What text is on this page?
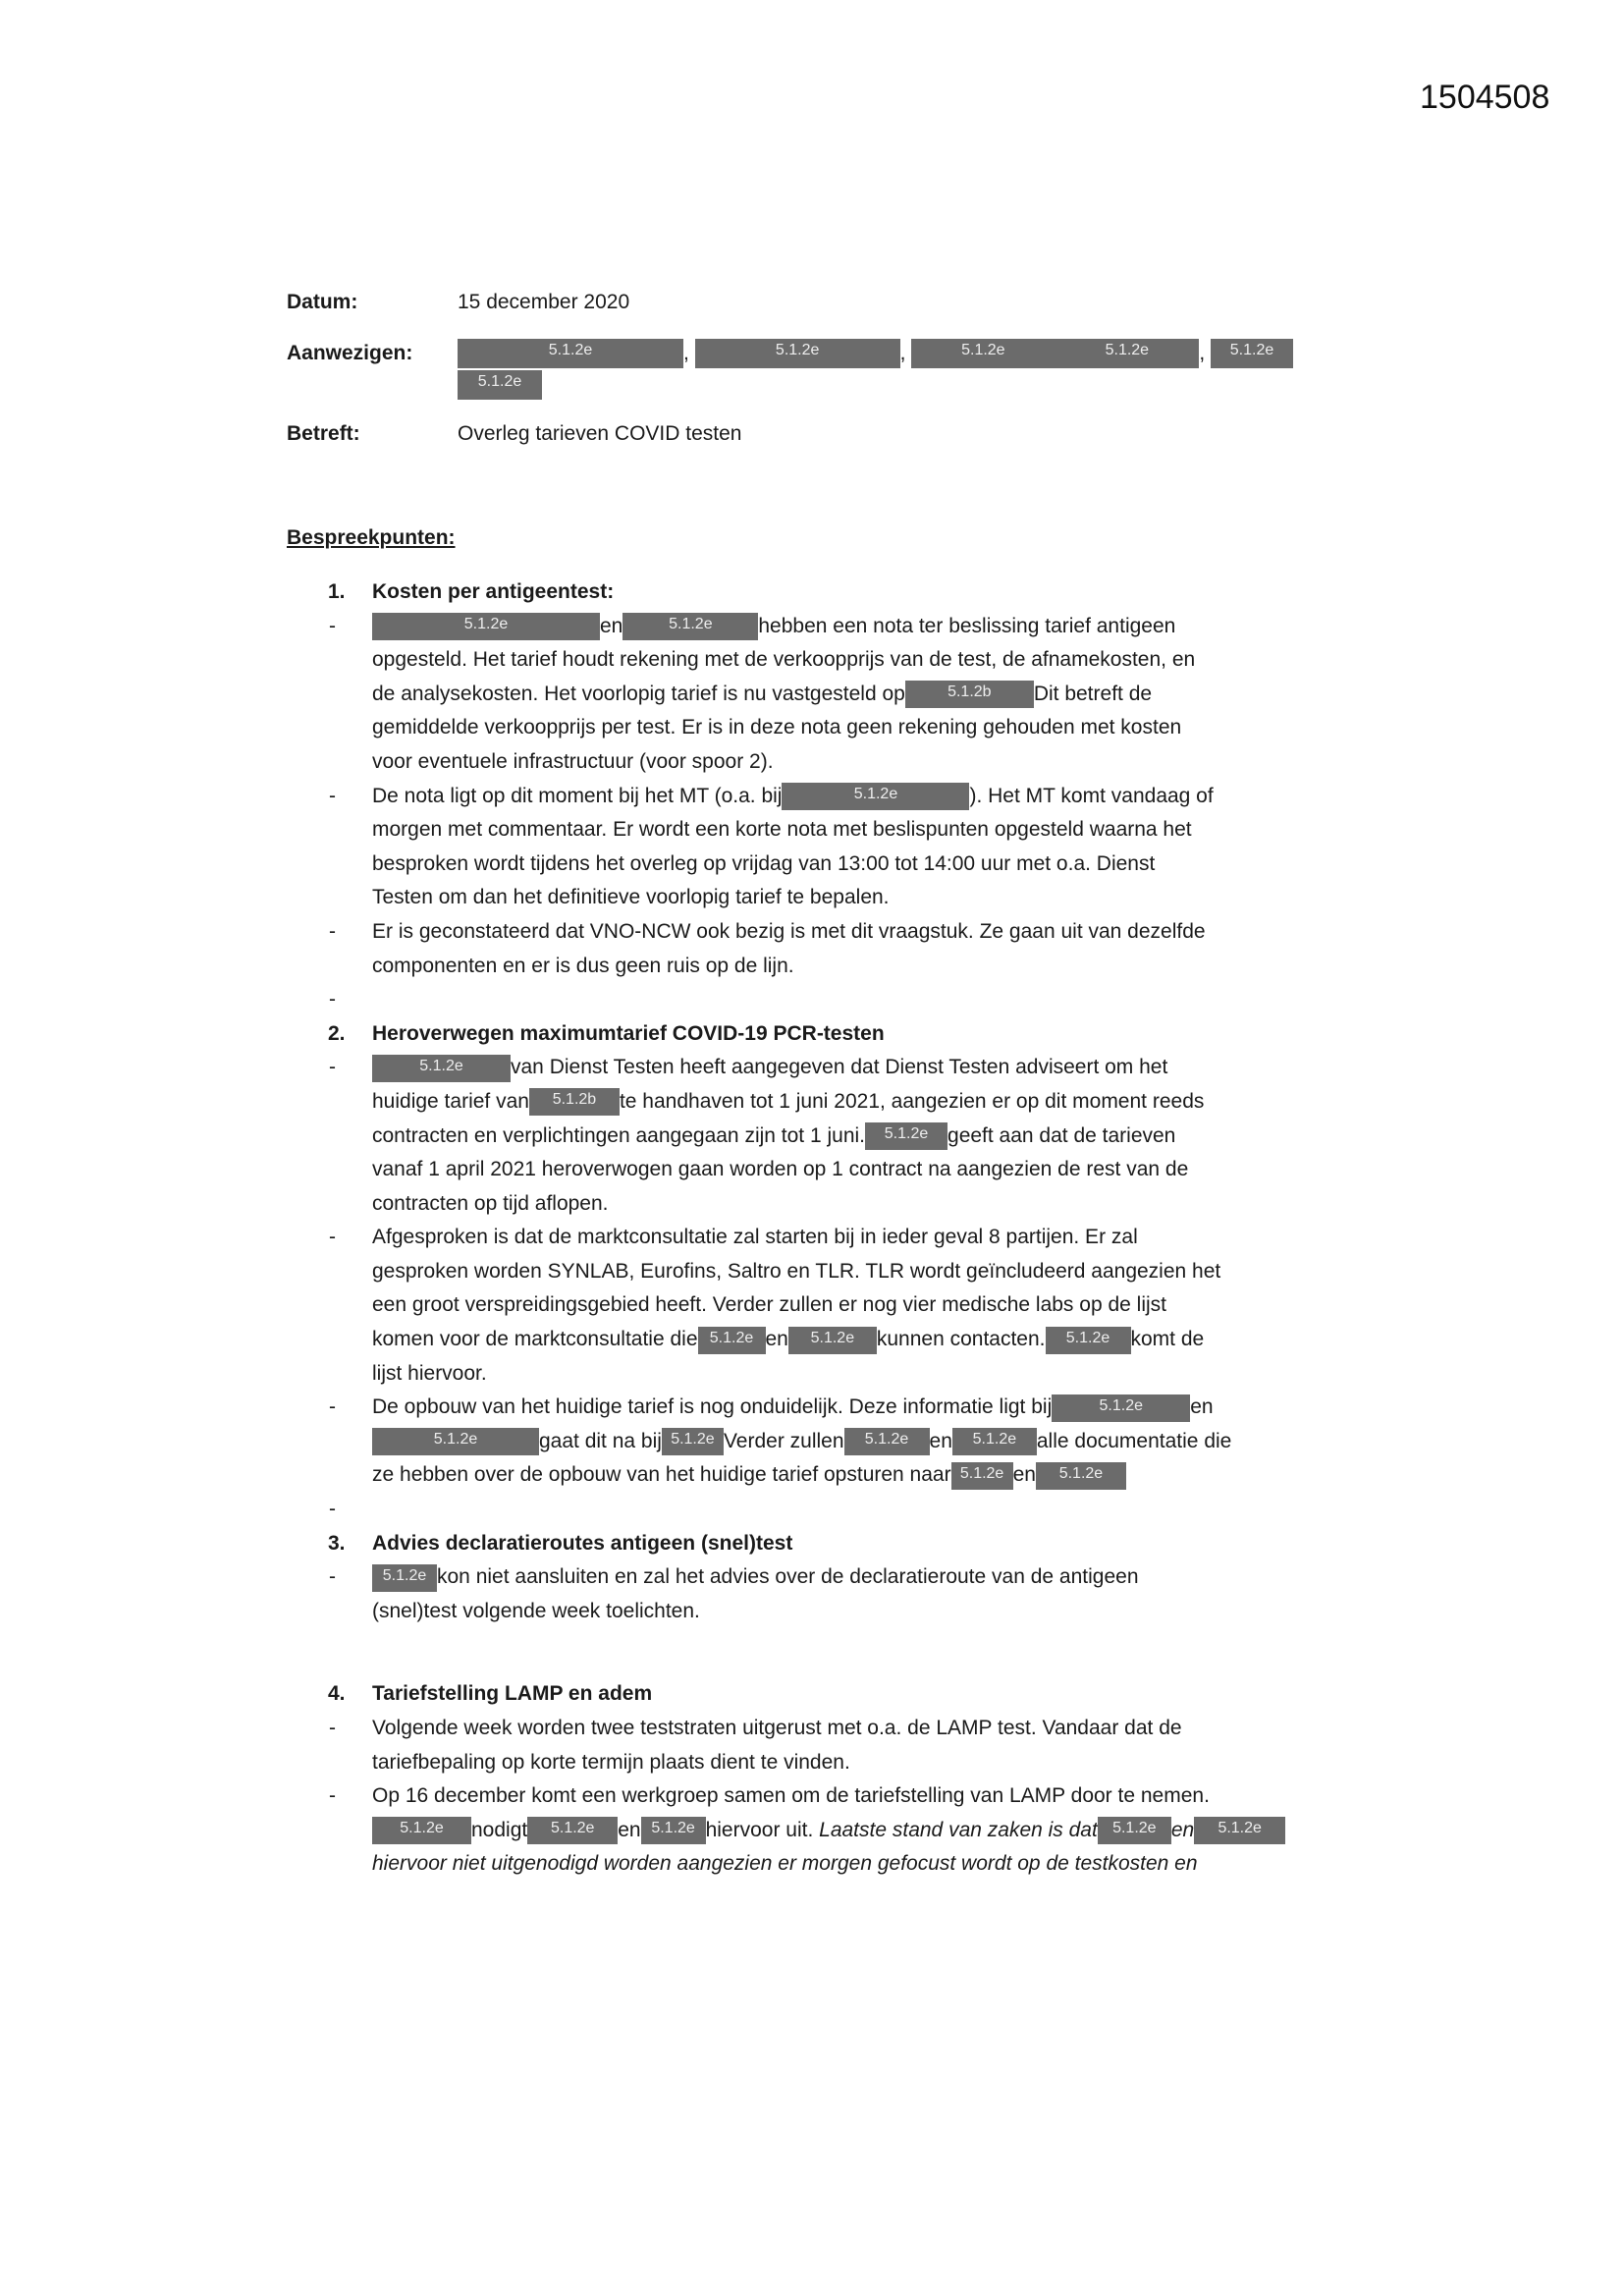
1504508
Datum:	15 december 2020
Aanwezigen:	5.1.2e	,	5.1.2e	,	5.1.2e	5.1.2e , 5.1.2e
5.1.2e
Betreft:	Overleg tarieven COVID testen
Bespreekpunten:
1. Kosten per antigeentest:
-	5.1.2e	en	5.1.2e hebben een nota ter beslissing tarief antigeen
opgesteld. Het tarief houdt rekening met de verkoopprijs van de test, de afnamekosten, en
de analysekosten. Het voorlopig tarief is nu vastgesteld op	5.1.2b Dit betreft de
gemiddelde verkoopprijs per test. Er is in deze nota geen rekening gehouden met kosten
voor eventuele infrastructuur (voor spoor 2).
- De nota ligt op dit moment bij het MT (o.a. bij	5.1.2e	). Het MT komt vandaag of
morgen met commentaar. Er wordt een korte nota met beslispunten opgesteld waarna het
besproken wordt tijdens het overleg op vrijdag van 13:00 tot 14:00 uur met o.a. Dienst
Testen om dan het definitieve voorlopig tarief te bepalen.
- Er is geconstateerd dat VNO-NCW ook bezig is met dit vraagstuk. Ze gaan uit van dezelfde
componenten en er is dus geen ruis op de lijn.
-
2. Heroverwegen maximumtarief COVID-19 PCR-testen
-	5.1.2e van Dienst Testen heeft aangegeven dat Dienst Testen adviseert om het
huidige tarief van 5.1.2b te handhaven tot 1 juni 2021, aangezien er op dit moment reeds
contracten en verplichtingen aangegaan zijn tot 1 juni. 5.1.2e geeft aan dat de tarieven
vanaf 1 april 2021 heroverwogen gaan worden op 1 contract na aangezien de rest van de
contracten op tijd aflopen.
- Afgesproken is dat de marktconsultatie zal starten bij in ieder geval 8 partijen. Er zal
gesproken worden SYNLAB, Eurofins, Saltro en TLR. TLR wordt geïncludeerd aangezien het
een groot verspreidingsgebied heeft. Verder zullen er nog vier medische labs op de lijst
komen voor de marktconsultatie die 5.1.2e en 5.1.2e kunnen contacten. 5.1.2e komt de
lijst hiervoor.
- De opbouw van het huidige tarief is nog onduidelijk. Deze informatie ligt bij	5.1.2e en
5.1.2e	gaat dit na bij 5.1.2e Verder zullen 5.1.2e en 5.1.2e alle documentatie die
ze hebben over de opbouw van het huidige tarief opsturen naar 5.1.2e en 5.1.2e
-
3. Advies declaratieroutes antigeen (snel)test
-	5.1.2e kon niet aansluiten en zal het advies over de declaratieroute van de antigeen
(snel)test volgende week toelichten.
4. Tariefstelling LAMP en adem
- Volgende week worden twee teststraten uitgerust met o.a. de LAMP test. Vandaar dat de
tariefbepaling op korte termijn plaats dient te vinden.
- Op 16 december komt een werkgroep samen om de tariefstelling van LAMP door te nemen.
5.1.2e nodigt 5.1.2e en 5.1.2e hiervoor uit. Laatste stand van zaken is dat 5.1.2e en 5.1.2e
hiervoor niet uitgenodigd worden aangezien er morgen gefocust wordt op de testkosten en
